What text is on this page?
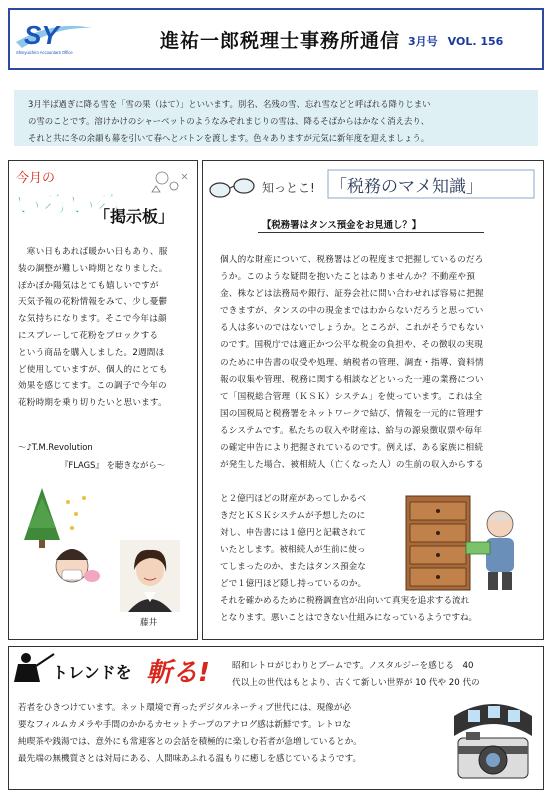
SY
Shinyuichiro Accountant Office
進祐一郎税理士事務所通信 3月号 VOL. 156
3月半ば過ぎに降る雪を「雪の果（はて）」といいます。別名、名残の雪、忘れ雪などと呼ばれる降りじまい
の雪のことです。溶けかけのシャーベットのようなみぞれまじりの雪は、降るそばからはかなく消え去り、
それと共に冬の余韻も幕を引いて春へとバトンを渡します。色々ありますが元気に新年度を迎えましょう。
今月の
いろいろ
「掲示板」
　寒い日もあれば暖かい日もあり、服
装の調整が難しい時期となりました。
ぽかぽか陽気はとても嬉しいですが
天気予報の花粉情報をみて、少し憂鬱
な気持ちになります。そこで今年は顔
にスプレーして花粉をブロックする
という商品を購入しました。2週間ほ
ど使用していますが、個人的にとても
効果を感じてます。この調子で今年の
花粉時期を乗り切りたいと思います。
～♪T.M.Revolution
『FLAGS』 を聴きながら～
藤井
知っとこ! 「税務のマメ知識」
【税務署はタンス預金をお見通し？】
個人的な財産について、税務署はどの程度まで把握しているのだろ
うか。このような疑問を抱いたことはありませんか？不動産や預
金、株などは法務局や銀行、証券会社に問い合わせれば容易に把握
できますが、タンスの中の現金まではわからないだろうと思ってい
る人は多いのではないでしょうか。ところが、これがそうでもない
のです。国税庁では適正かつ公平な税金の負担や、その徴収の実現
のために申告書の収受や処理、納税者の管理、調査・指導、資料情
報の収集や管理、税務に関する相談などといった一連の業務につい
て「国税総合管理（ＫＳＫ）システム」を使っています。これは全
国の国税局と税務署をネットワークで結び、情報を一元的に管理す
るシステムです。私たちの収入や財産は、給与の源泉徴収票や毎年
の確定申告により把握されているのです。例えば、ある家族に相続
が発生した場合、被相続人（亡くなった人）の生前の収入からする
と２億円ほどの財産があってしかるべ
きだとＫＳＫシステムが予想したのに
対し、申告書には１億円と記載されて
いたとします。被相続人が生前に使っ
てしまったのか、またはタンス預金な
どで１億円ほど隠し持っているのか。
それを確かめるために税務調査官が出向いて真実を追求する流れ
となります。悪いことはできない仕組みになっているようですね。
トレンドを 斬る!	昭和レトロがじわりとブームです。ノスタルジーを感じる　40
代以上の世代はもとより、古くて新しい世界が 10 代や 20 代の
若者をひきつけています。ネット環境で育ったデジタルネーティブ世代には、現像が必
要なフィルムカメラや手間のかかるカセットテープのアナログ感は新鮮です。レトロな
純喫茶や銭湯では、意外にも常連客との会話を積極的に楽しむ若者が急増しているとか。
最先端の無機質さとは対局にある、人間味あふれる温もりに癒しを感じているようです。
